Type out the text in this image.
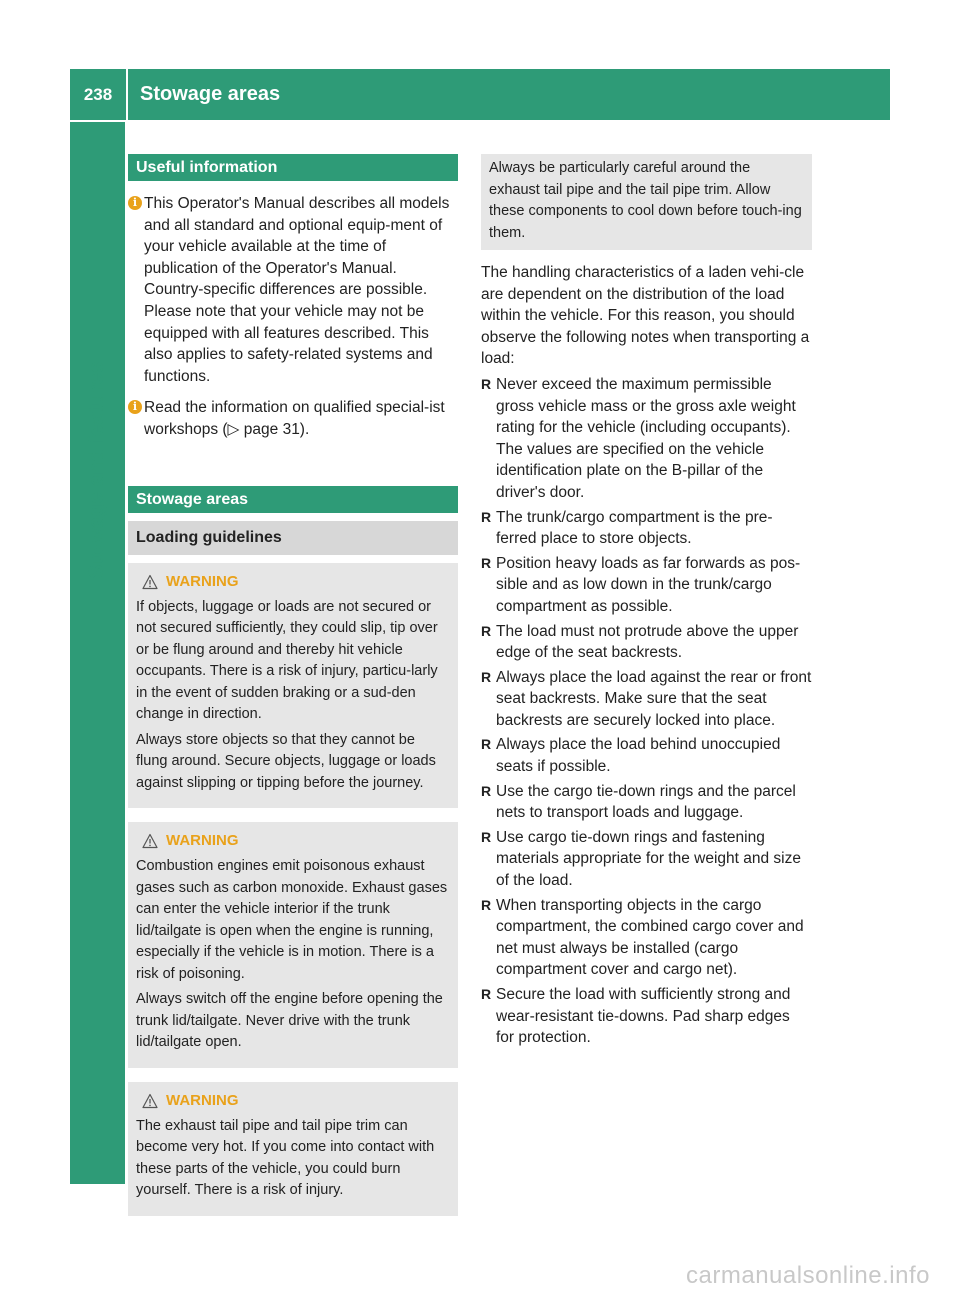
238	Stowage areas
Stowage and features
Useful information
i This Operator's Manual describes all models and all standard and optional equip-ment of your vehicle available at the time of publication of the Operator's Manual. Country-specific differences are possible. Please note that your vehicle may not be equipped with all features described. This also applies to safety-related systems and functions.

i Read the information on qualified special-ist workshops (▷ page 31).

Stowage areas
Loading guidelines
WARNING

If objects, luggage or loads are not secured or not secured sufficiently, they could slip, tip over or be flung around and thereby hit vehicle occupants. There is a risk of injury, particu-larly in the event of sudden braking or a sud-den change in direction.

Always store objects so that they cannot be flung around. Secure objects, luggage or loads against slipping or tipping before the journey.

WARNING

Combustion engines emit poisonous exhaust gases such as carbon monoxide. Exhaust gases can enter the vehicle interior if the trunk lid/tailgate is open when the engine is running, especially if the vehicle is in motion. There is a risk of poisoning.

Always switch off the engine before opening the trunk lid/tailgate. Never drive with the trunk lid/tailgate open.

WARNING

The exhaust tail pipe and tail pipe trim can become very hot. If you come into contact with these parts of the vehicle, you could burn yourself. There is a risk of injury.

Always be particularly careful around the exhaust tail pipe and the tail pipe trim. Allow these components to cool down before touch-ing them.

The handling characteristics of a laden vehi-cle are dependent on the distribution of the load within the vehicle. For this reason, you should observe the following notes when transporting a load:

R Never exceed the maximum permissible gross vehicle mass or the gross axle weight rating for the vehicle (including occupants). The values are specified on the vehicle identification plate on the B-pillar of the driver's door.

R The trunk/cargo compartment is the pre-ferred place to store objects.

R Position heavy loads as far forwards as pos-sible and as low down in the trunk/cargo compartment as possible.

R The load must not protrude above the upper edge of the seat backrests.

R Always place the load against the rear or front seat backrests. Make sure that the seat backrests are securely locked into place.

R Always place the load behind unoccupied seats if possible.

R Use the cargo tie-down rings and the parcel nets to transport loads and luggage.

R Use cargo tie-down rings and fastening materials appropriate for the weight and size of the load.

R When transporting objects in the cargo compartment, the combined cargo cover and net must always be installed (cargo compartment cover and cargo net).

R Secure the load with sufficiently strong and wear-resistant tie-downs. Pad sharp edges for protection.

carmanualsonline.info
